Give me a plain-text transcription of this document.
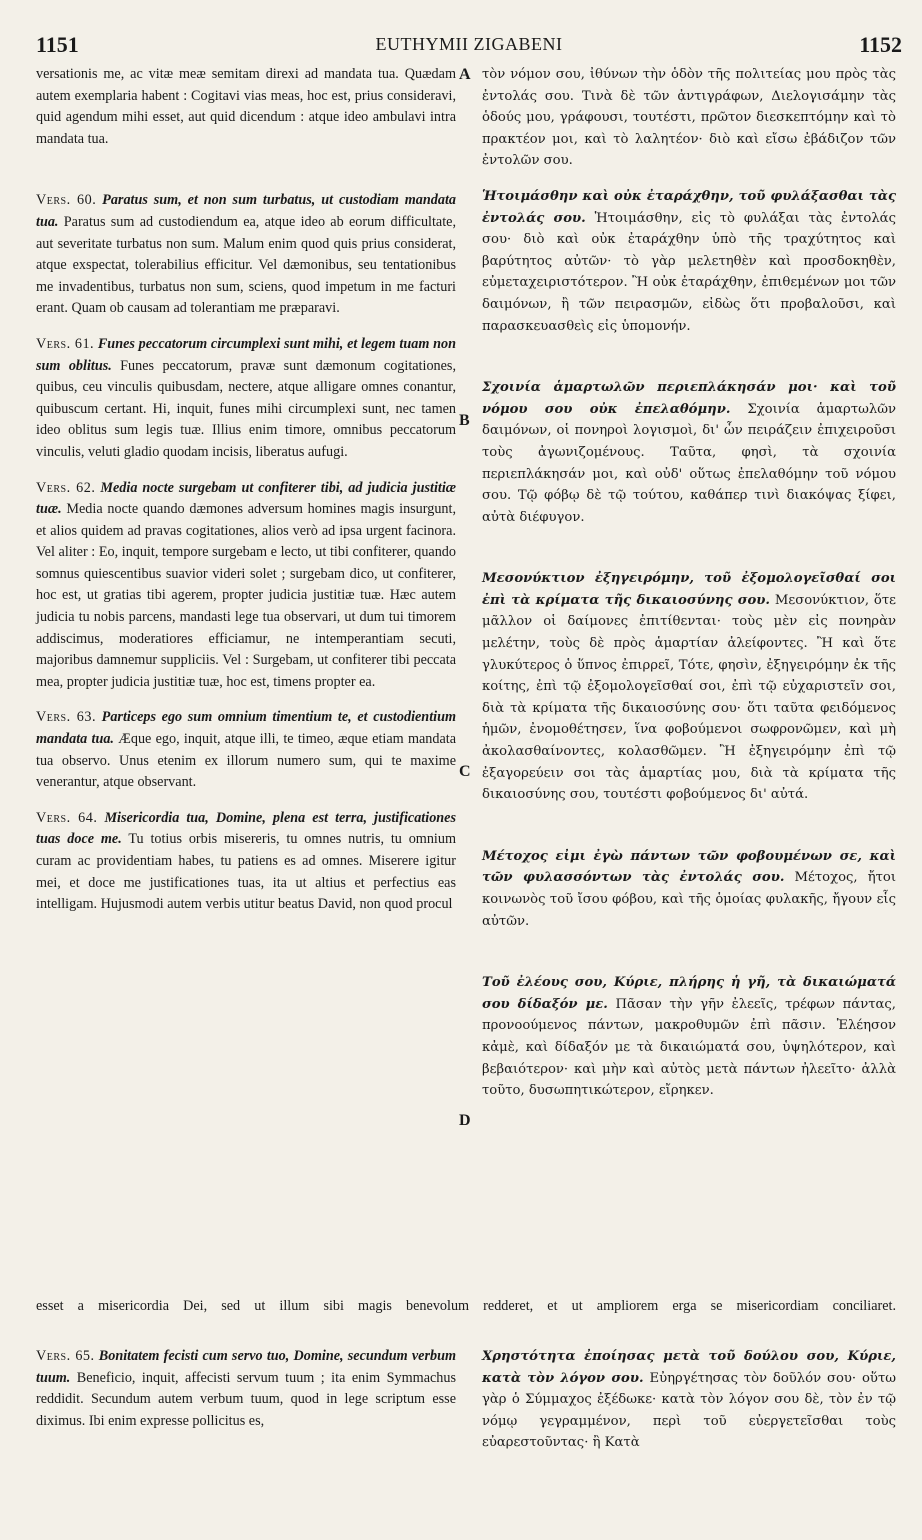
1151	EUTHYMII ZIGABENI	1152
A
B
C
D

versationis me, ac vitæ meæ semitam direxi ad mandata tua. Quædam autem exemplaria habent : Cogitavi vias meas, hoc est, prius consideravi, quid agendum mihi esset, aut quid dicendum : atque ideo ambulavi intra mandata tua.

Vers. 60. Paratus sum, et non sum turbatus, ut custodiam mandata tua. Paratus sum ad custodiendum ea, atque ideo ab eorum difficultate, aut severitate turbatus non sum. Malum enim quod quis prius considerat, atque exspectat, tolerabilius efficitur. Vel dæmonibus, seu tentationibus me invadentibus, turbatus non sum, sciens, quod impetum in me facturi erant. Quam ob causam ad tolerantiam me præparavi.

Vers. 61. Funes peccatorum circumplexi sunt mihi, et legem tuam non sum oblitus. Funes peccatorum, pravæ sunt dæmonum cogitationes, quibus, ceu vinculis quibusdam, nectere, atque alligare omnes conantur, quibuscum certant. Hi, inquit, funes mihi circumplexi sunt, nec tamen ideo oblitus sum legis tuæ. Illius enim timore, omnibus peccatorum vinculis, veluti gladio quodam incisis, liberatus aufugi.

Vers. 62. Media nocte surgebam ut confiterer tibi, ad judicia justitiæ tuæ. Media nocte quando dæmones adversum homines magis insurgunt, et alios quidem ad pravas cogitationes, alios verò ad ipsa urgent facinora. Vel aliter : Eo, inquit, tempore surgebam e lecto, ut tibi confiterer, quando somnus quiescentibus suavior videri solet ; surgebam dico, ut confiterer, hoc est, ut gratias tibi agerem, propter judicia justitiæ tuæ. Hæc autem judicia tu nobis parcens, mandasti lege tua observari, ut dum tui timorem addiscimus, moderatiores efficiamur, ne intemperantiam secuti, majoribus damnemur suppliciis. Vel : Surgebam, ut confiterer tibi peccata mea, propter judicia justitiæ tuæ, hoc est, timens propter ea.

Vers. 63. Particeps ego sum omnium timentium te, et custodientium mandata tua. Æque ego, inquit, atque illi, te timeo, æque etiam mandata tua observo. Unus etenim ex illorum numero sum, qui te maxime venerantur, atque observant.

Vers. 64. Misericordia tua, Domine, plena est terra, justificationes tuas doce me. Tu totius orbis misereris, tu omnes nutris, tu omnium curam ac providentiam habes, tu patiens es ad omnes. Miserere igitur mei, et doce me justificationes tuas, ita ut altius et perfectius eas intelligam. Hujusmodi autem verbis utitur beatus David, non quod procul

τὸν νόμον σου, ἰθύνων τὴν ὁδὸν τῆς πολιτείας μου πρὸς τὰς ἐντολάς σου. Τινὰ δὲ τῶν ἀντιγράφων, Διελογισάμην τὰς ὁδούς μου, γράφουσι, τουτέστι, πρῶτον διεσκεπτόμην καὶ τὸ πρακτέον μοι, καὶ τὸ λαλητέον· διὸ καὶ εἴσω ἐβάδιζον τῶν ἐντολῶν σου.

Ἡτοιμάσθην καὶ οὐκ ἐταράχθην, τοῦ φυλάξασθαι τὰς ἐντολάς σου. Ἡτοιμάσθην, εἰς τὸ φυλάξαι τὰς ἐντολάς σου· διὸ καὶ οὐκ ἐταράχθην ὑπὸ τῆς τραχύτητος καὶ βαρύτητος αὐτῶν· τὸ γὰρ μελετηθὲν καὶ προσδοκηθὲν, εὐμεταχειριστότερον. Ἢ οὐκ ἐταράχθην, ἐπιθεμένων μοι τῶν δαιμόνων, ἢ τῶν πειρασμῶν, εἰδὼς ὅτι προβαλοῦσι, καὶ παρασκευασθεὶς εἰς ὑπομονήν.

Σχοινία ἁμαρτωλῶν περιεπλάκησάν μοι· καὶ τοῦ νόμου σου οὐκ ἐπελαθόμην. Σχοινία ἁμαρτωλῶν δαιμόνων, οἱ πονηροὶ λογισμοὶ, δι' ὧν πειράζειν ἐπιχειροῦσι τοὺς ἀγωνιζομένους. Ταῦτα, φησὶ, τὰ σχοινία περιεπλάκησάν μοι, καὶ οὐδ' οὕτως ἐπελαθόμην τοῦ νόμου σου. Τῷ φόβῳ δὲ τῷ τούτου, καθάπερ τινὶ διακόψας ξίφει, αὐτὰ διέφυγον.

Μεσονύκτιον ἐξηγειρόμην, τοῦ ἐξομολογεῖσθαί σοι ἐπὶ τὰ κρίματα τῆς δικαιοσύνης σου. Μεσονύκτιον, ὅτε μᾶλλον οἱ δαίμονες ἐπιτίθενται· τοὺς μὲν εἰς πονηρὰν μελέτην, τοὺς δὲ πρὸς ἁμαρτίαν ἀλείφοντες. Ἢ καὶ ὅτε γλυκύτερος ὁ ὕπνος ἐπιρρεῖ, Τότε, φησὶν, ἐξηγειρόμην ἐκ τῆς κοίτης, ἐπὶ τῷ ἐξομολογεῖσθαί σοι, ἐπὶ τῷ εὐχαριστεῖν σοι, διὰ τὰ κρίματα τῆς δικαιοσύνης σου· ὅτι ταῦτα φειδόμενος ἡμῶν, ἐνομοθέτησεν, ἵνα φοβούμενοι σωφρονῶμεν, καὶ μὴ ἀκολασθαίνοντες, κολασθῶμεν. Ἢ ἐξηγειρόμην ἐπὶ τῷ ἐξαγορεύειν σοι τὰς ἁμαρτίας μου, διὰ τὰ κρίματα τῆς δικαιοσύνης σου, τουτέστι φοβούμενος δι' αὐτά.

Μέτοχος εἰμι ἐγὼ πάντων τῶν φοβουμένων σε, καὶ τῶν φυλασσόντων τὰς ἐντολάς σου. Μέτοχος, ἤτοι κοινωνὸς τοῦ ἴσου φόβου, καὶ τῆς ὁμοίας φυλακῆς, ἤγουν εἷς αὐτῶν.

Τοῦ ἐλέους σου, Κύριε, πλήρης ἡ γῆ, τὰ δικαιώματά σου δίδαξόν με. Πᾶσαν τὴν γῆν ἐλεεῖς, τρέφων πάντας, προνοούμενος πάντων, μακροθυμῶν ἐπὶ πᾶσιν. Ἐλέησον κἀμὲ, καὶ δίδαξόν με τὰ δικαιώματά σου, ὑψηλότερον, καὶ βεβαιότερον· καὶ μὴν καὶ αὐτὸς μετὰ πάντων ἠλεεῖτο· ἀλλὰ τοῦτο, δυσωπητικώτερον, εἴρηκεν.

esset a misericordia Dei, sed ut illum sibi magis benevolum redderet, et ut ampliorem erga se misericordiam conciliaret.

Vers. 65. Bonitatem fecisti cum servo tuo, Domine, secundum verbum tuum. Beneficio, inquit, affecisti servum tuum ; ita enim Symmachus reddidit. Secundum autem verbum tuum, quod in lege scriptum esse diximus. Ibi enim expresse pollicitus es,

Χρηστότητα ἐποίησας μετὰ τοῦ δούλου σου, Κύριε, κατὰ τὸν λόγον σου. Εὐηργέτησας τὸν δοῦλόν σου· οὕτω γὰρ ὁ Σύμμαχος ἐξέδωκε· κατὰ τὸν λόγον σου δὲ, τὸν ἐν τῷ νόμῳ γεγραμμένον, περὶ τοῦ εὐεργετεῖσθαι τοὺς εὐαρεστοῦντας· ἢ Κατὰ
